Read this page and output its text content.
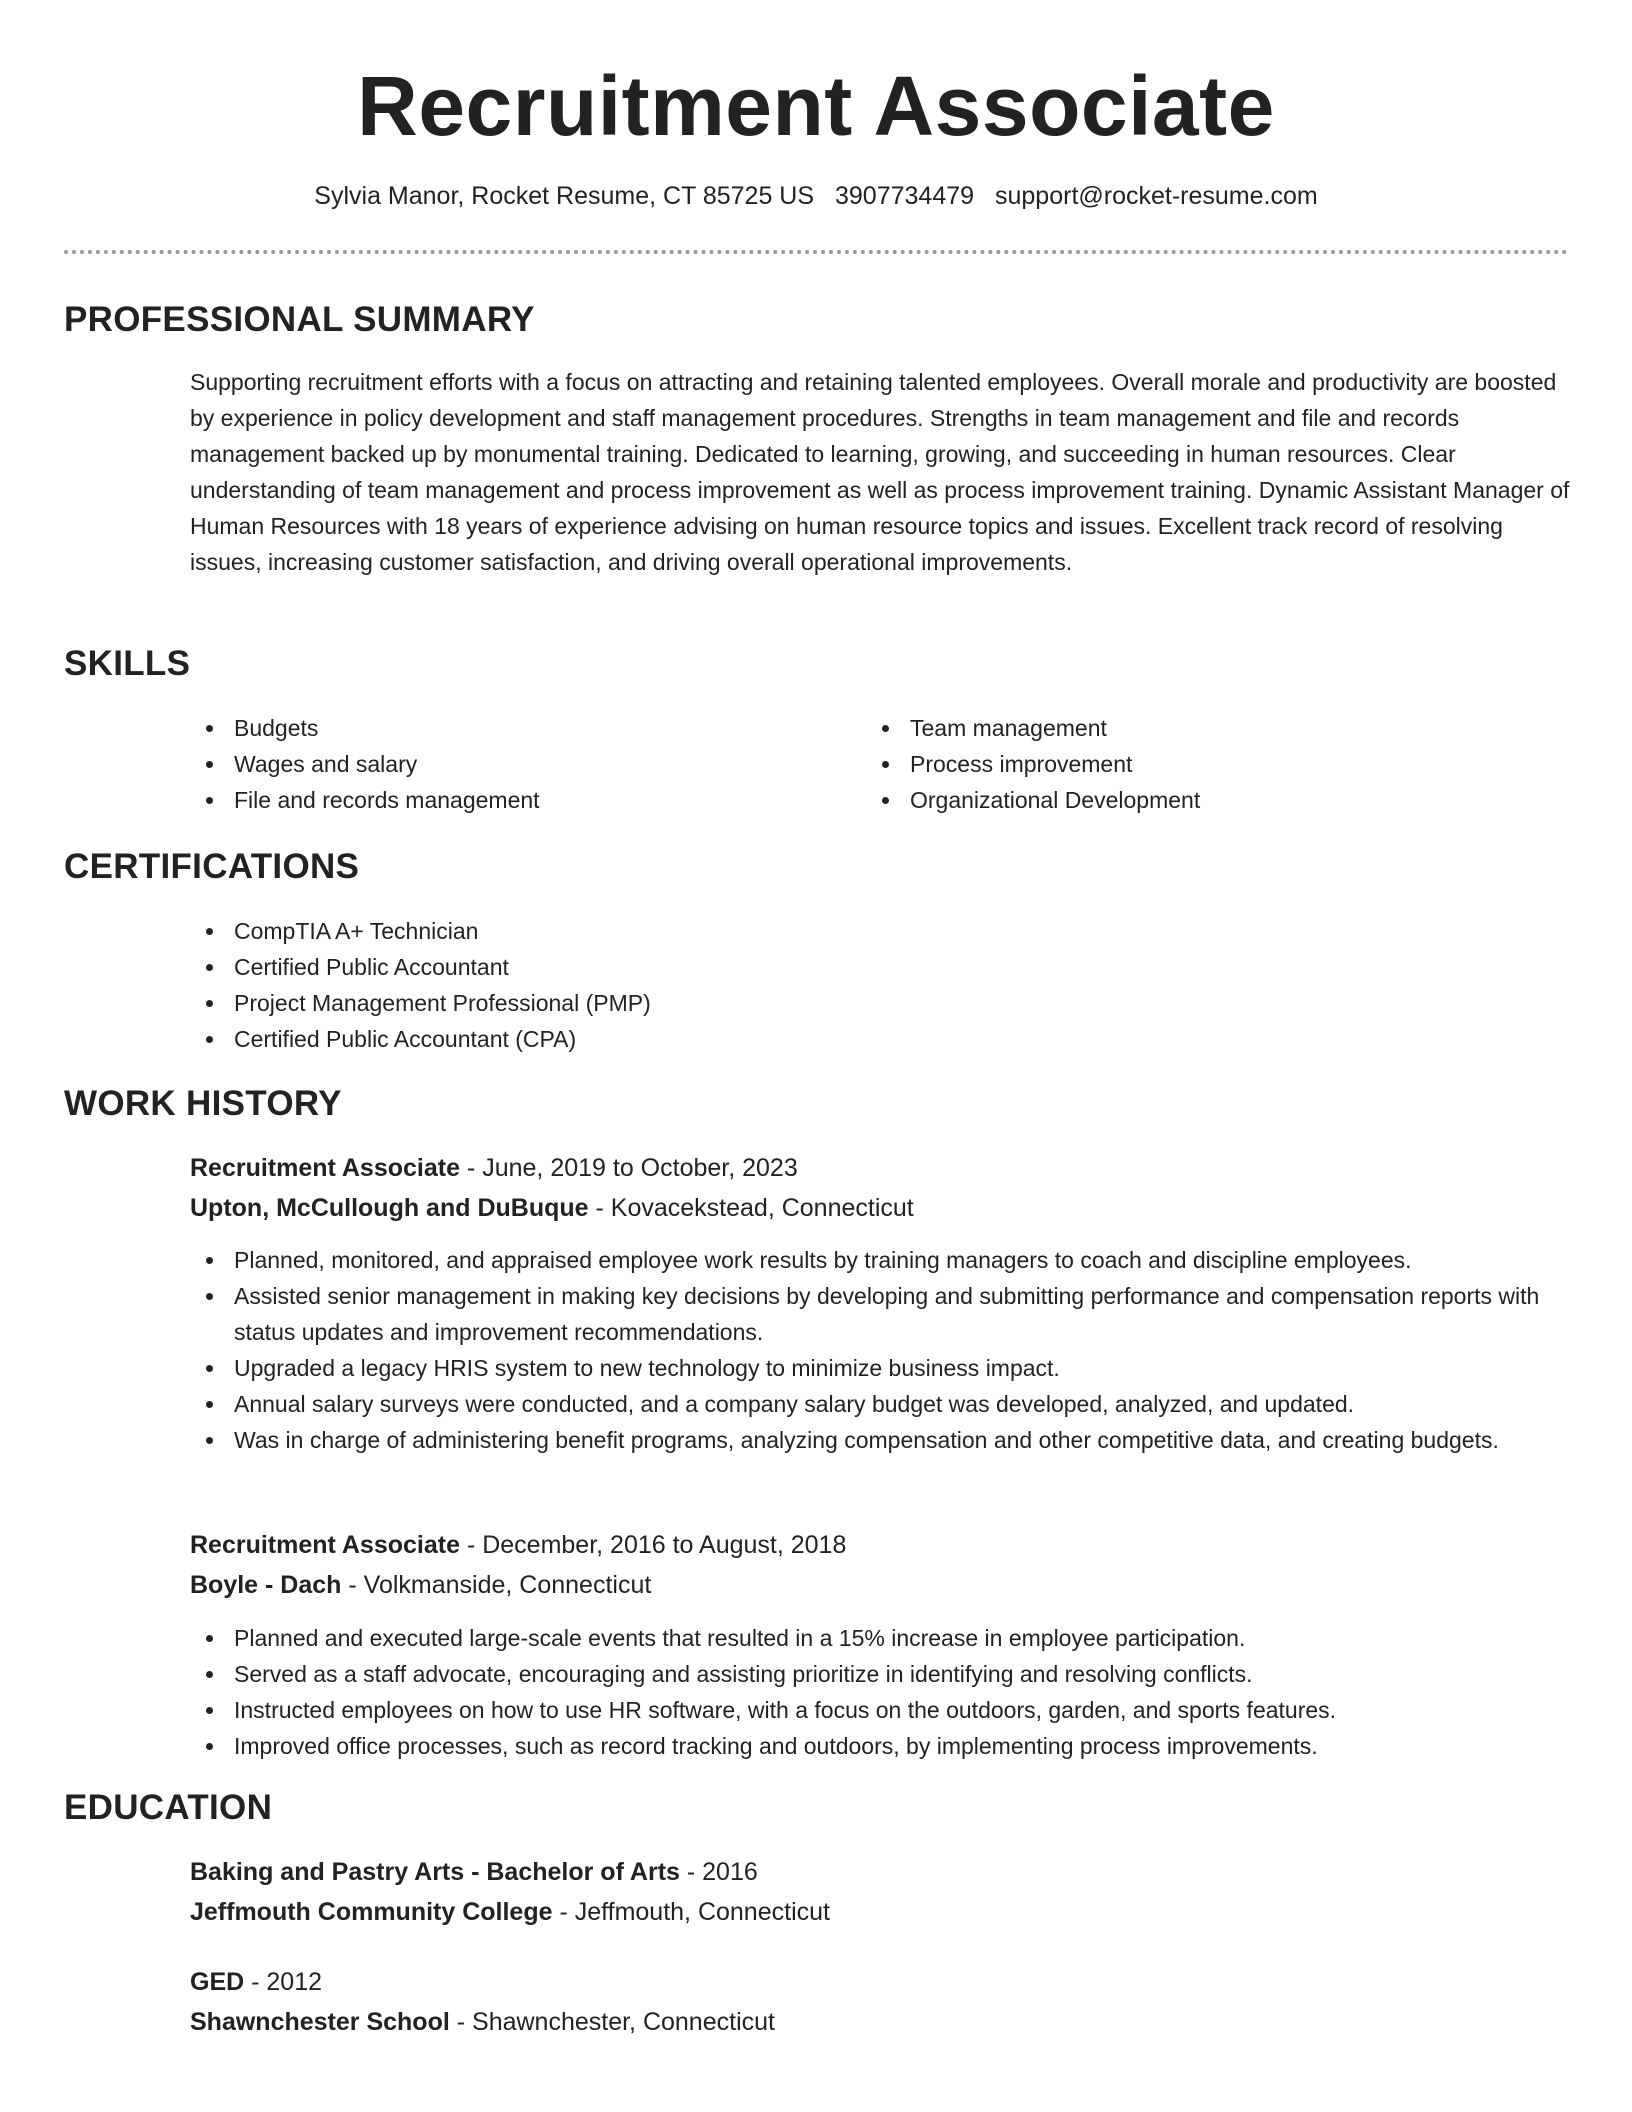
Recruitment Associate
Sylvia Manor, Rocket Resume, CT 85725 US 3907734479 support@rocket-resume.com
PROFESSIONAL SUMMARY
Supporting recruitment efforts with a focus on attracting and retaining talented employees. Overall morale and productivity are boosted by experience in policy development and staff management procedures. Strengths in team management and file and records management backed up by monumental training. Dedicated to learning, growing, and succeeding in human resources. Clear understanding of team management and process improvement as well as process improvement training. Dynamic Assistant Manager of Human Resources with 18 years of experience advising on human resource topics and issues. Excellent track record of resolving issues, increasing customer satisfaction, and driving overall operational improvements.
SKILLS
Budgets
Wages and salary
File and records management
Team management
Process improvement
Organizational Development
CERTIFICATIONS
CompTIA A+ Technician
Certified Public Accountant
Project Management Professional (PMP)
Certified Public Accountant (CPA)
WORK HISTORY
Recruitment Associate - June, 2019 to October, 2023
Upton, McCullough and DuBuque - Kovacekstead, Connecticut
Planned, monitored, and appraised employee work results by training managers to coach and discipline employees.
Assisted senior management in making key decisions by developing and submitting performance and compensation reports with status updates and improvement recommendations.
Upgraded a legacy HRIS system to new technology to minimize business impact.
Annual salary surveys were conducted, and a company salary budget was developed, analyzed, and updated.
Was in charge of administering benefit programs, analyzing compensation and other competitive data, and creating budgets.
Recruitment Associate - December, 2016 to August, 2018
Boyle - Dach - Volkmanside, Connecticut
Planned and executed large-scale events that resulted in a 15% increase in employee participation.
Served as a staff advocate, encouraging and assisting prioritize in identifying and resolving conflicts.
Instructed employees on how to use HR software, with a focus on the outdoors, garden, and sports features.
Improved office processes, such as record tracking and outdoors, by implementing process improvements.
EDUCATION
Baking and Pastry Arts - Bachelor of Arts - 2016
Jeffmouth Community College - Jeffmouth, Connecticut
GED - 2012
Shawnchester School - Shawnchester, Connecticut
